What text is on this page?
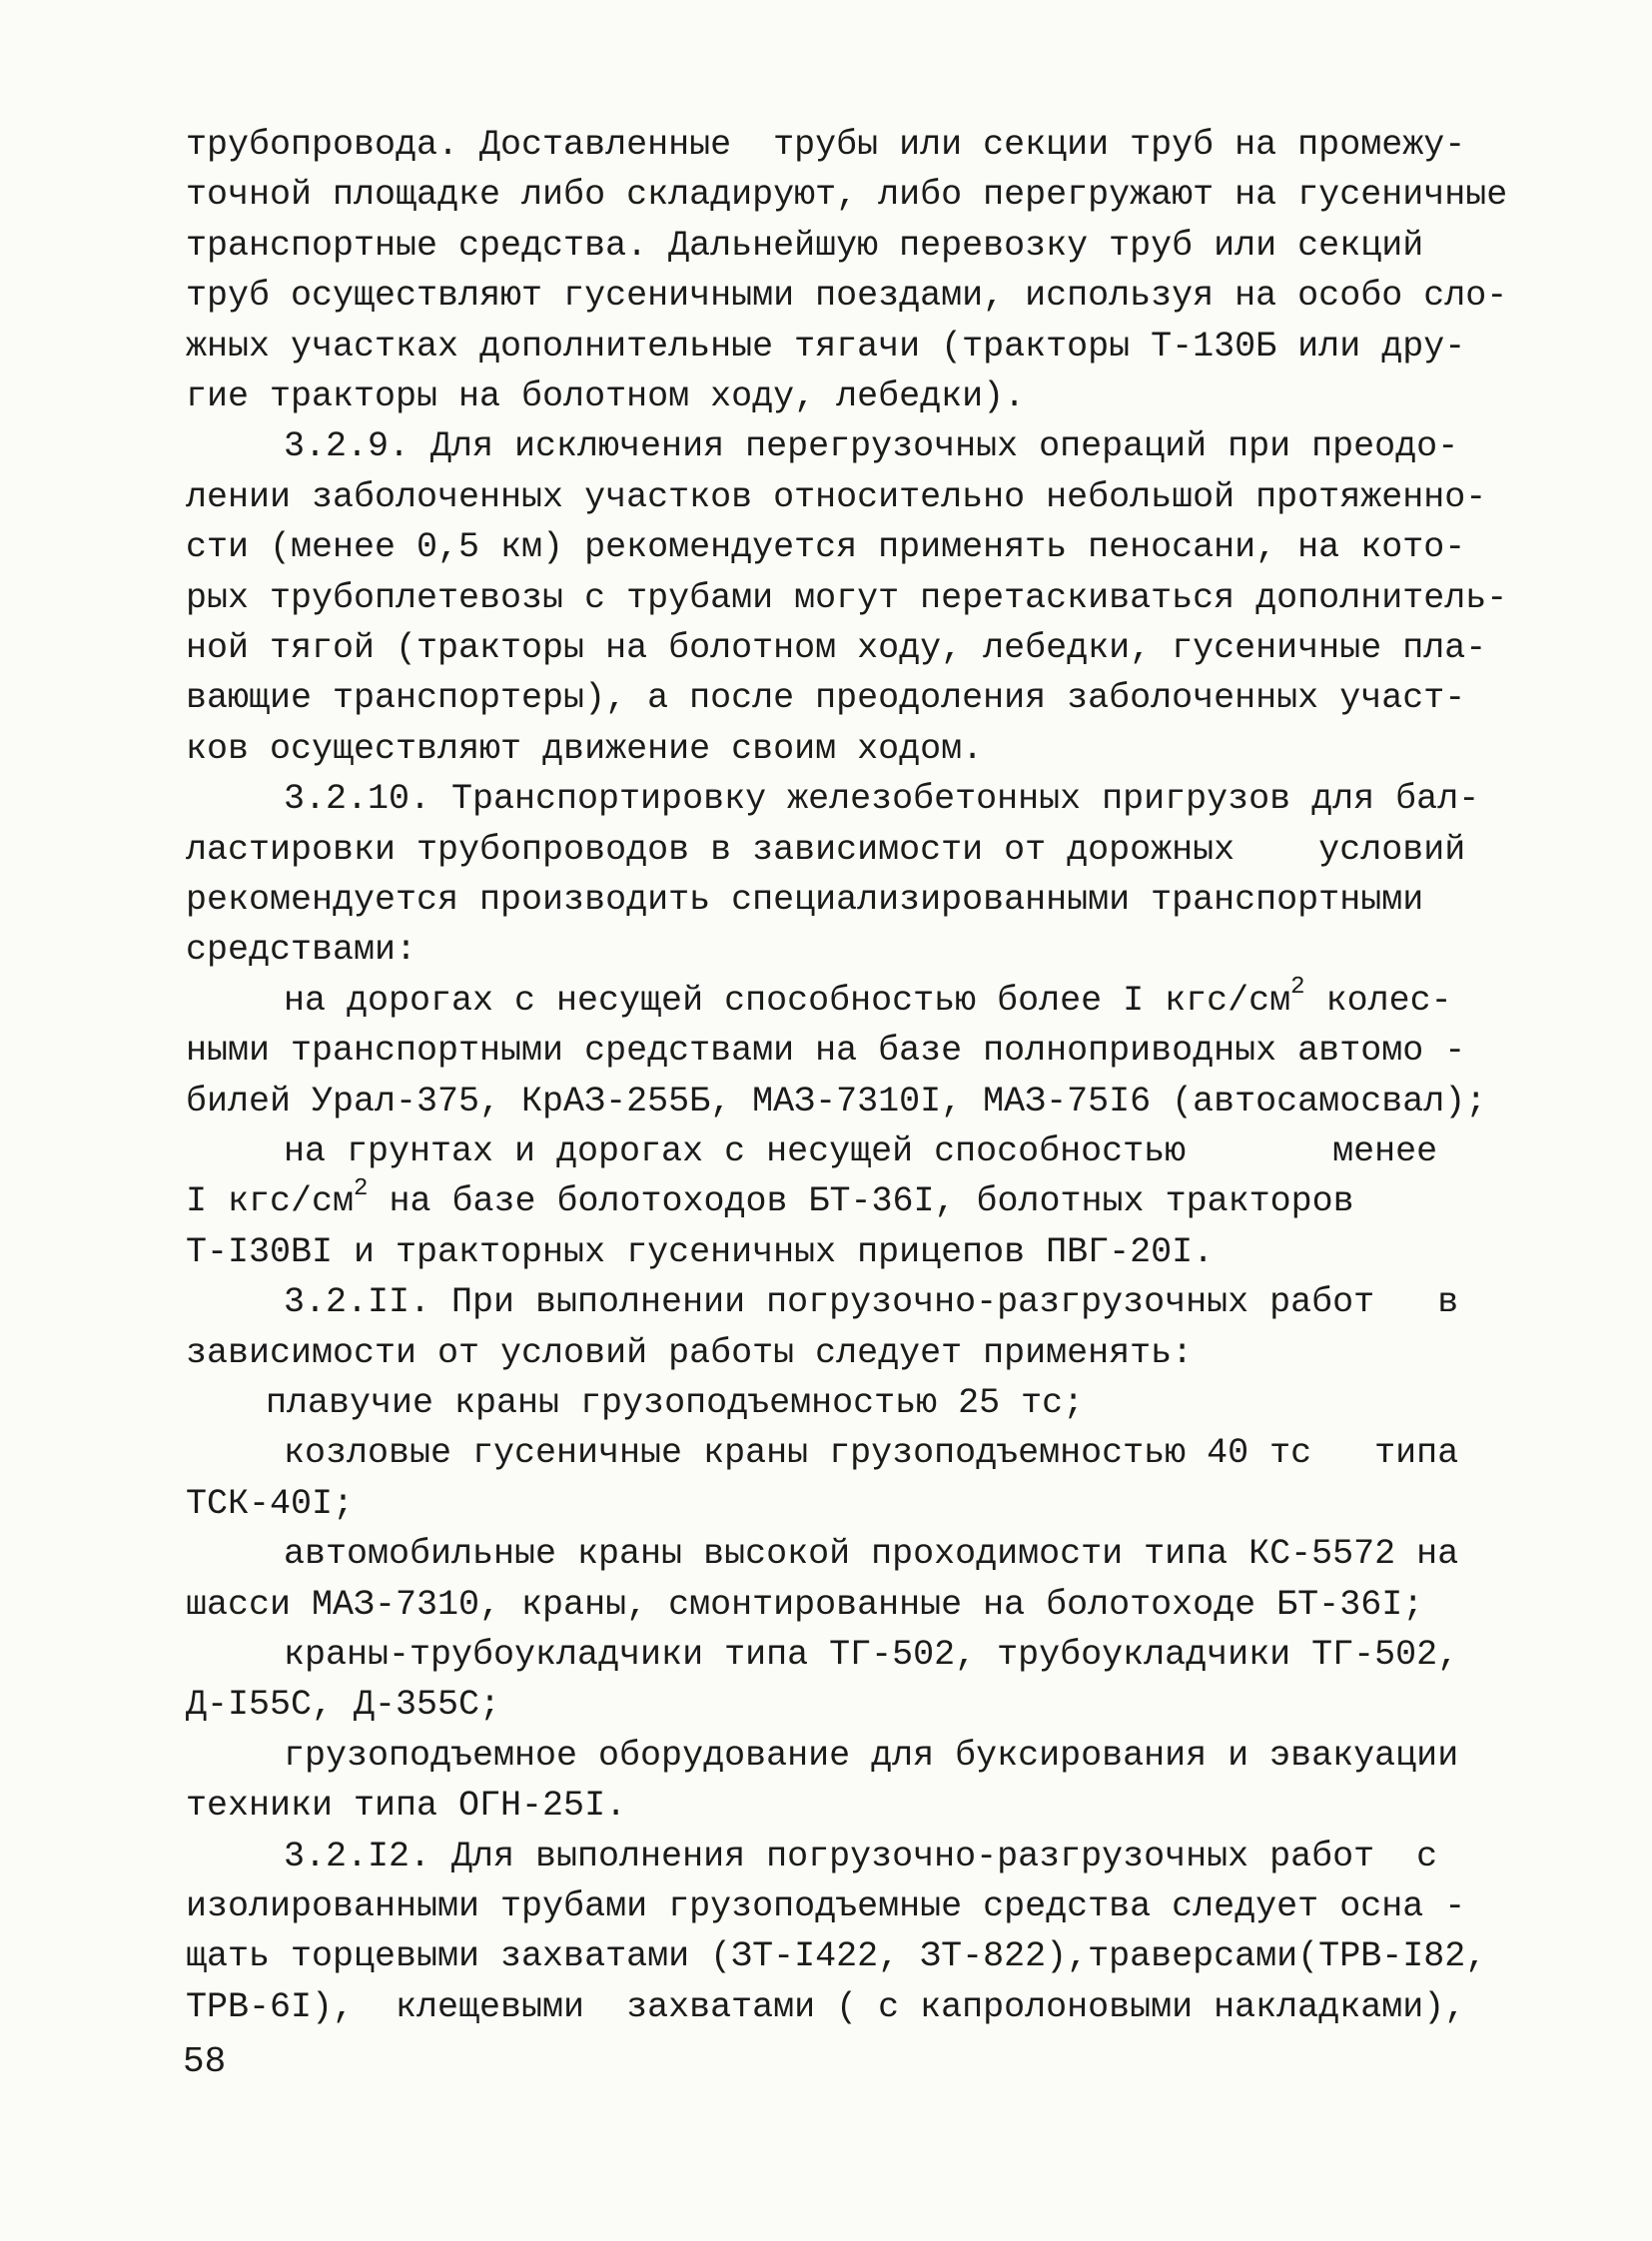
трубопровода. Доставленные  трубы или секции труб на промежу-
точной площадке либо складируют, либо перегружают на гусеничные
транспортные средства. Дальнейшую перевозку труб или секций
труб осуществляют гусеничными поездами, используя на особо сло-
жных участках дополнительные тягачи (тракторы Т-130Б или дру-
гие тракторы на болотном ходу, лебедки).
3.2.9. Для исключения перегрузочных операций при преодо-
лении заболоченных участков относительно небольшой протяженно-
сти (менее 0,5 км) рекомендуется применять пеносани, на кото-
рых трубоплетевозы с трубами могут перетаскиваться дополнитель-
ной тягой (тракторы на болотном ходу, лебедки, гусеничные пла-
вающие транспортеры), а после преодоления заболоченных участ-
ков осуществляют движение своим ходом.
3.2.10. Транспортировку железобетонных пригрузов для бал-
ластировки трубопроводов в зависимости от дорожных    условий
рекомендуется производить специализированными транспортными
средствами:
на дорогах с несущей способностью более I кгс/$см^2$ колес-
ными транспортными средствами на базе полноприводных автомо -
билей Урал-375, КрАЗ-255Б, МАЗ-7310I, МАЗ-75I6 (автосамосвал);
на грунтах и дорогах с несущей способностью       менее
I кгс/$см^2$ на базе болотоходов БТ-36I, болотных тракторов
Т-I30ВI и тракторных гусеничных прицепов ПВГ-20I.
3.2.II. При выполнении погрузочно-разгрузочных работ   в
зависимости от условий работы следует применять:
плавучие краны грузоподъемностью 25 тс;
козловые гусеничные краны грузоподъемностью 40 тс   типа
ТСК-40I;
автомобильные краны высокой проходимости типа КС-5572 на
шасси МАЗ-7310, краны, смонтированные на болотоходе БТ-36I;
краны-трубоукладчики типа ТГ-502, трубоукладчики ТГ-502,
Д-I55С, Д-355С;
грузоподъемное оборудование для буксирования и эвакуации
техники типа ОГН-25I.
3.2.I2. Для выполнения погрузочно-разгрузочных работ  с
изолированными трубами грузоподъемные средства следует осна -
щать торцевыми захватами (ЗТ-I422, ЗТ-822),траверсами(ТРВ-I82,
ТРВ-6I),  клещевыми  захватами ( с капролоновыми накладками),
58
